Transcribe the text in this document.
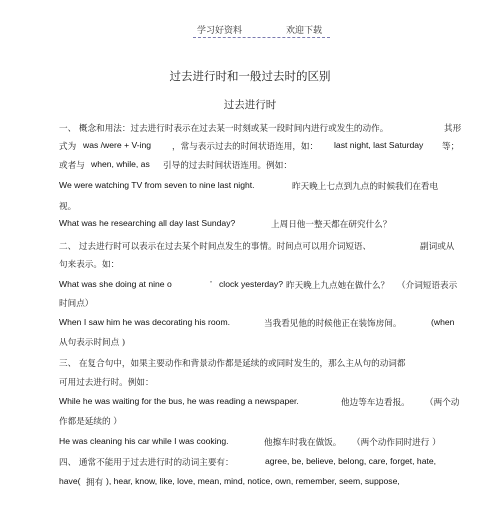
学习好资料	欢迎下载
过去进行时和一般过去时的区别
过去进行时
一、 概念和用法：过去进行时表示在过去某一时刻或某一段时间内进行或发生的动作。	其形
式为 was /were + V-ing ，常与表示过去的时间状语连用，如： last night, last Saturday 等；
或者与 when, while, as 引导的过去时间状语连用。例如：
We were watching TV from seven to nine last night.	昨天晚上七点到九点的时候我们在看电
视。
What was he researching all day last Sunday?	上周日他一整天都在研究什么？
二、 过去进行时可以表示在过去某个时间点发生的事情。时间点可以用介词短语、	副词或从
句来表示。如：
What was she doing at nine o	’ clock yesterday? 昨天晚上九点她在做什么？ （介词短语表示
时间点）
When I saw him he was decorating his room.	当我看见他的时候他正在装饰房间。	(when
从句表示时间点 )
三、 在复合句中，如果主要动作和背景动作都是延续的或同时发生的，那么主从句的动词都
可用过去进行时。例如：
While he was waiting for the bus, he was reading a newspaper.	他边等车边看报。 （两个动
作都是延续的 ）
He was cleaning his car while I was cooking.	他擦车时我在做饭。 （两个动作同时进行 ）
四、 通常不能用于过去进行时的动词主要有：	agree, be, believe, belong, care, forget, hate,
have( 拥有 ), hear, know, like, love, mean, mind, notice, own, remember, seem, suppose,
